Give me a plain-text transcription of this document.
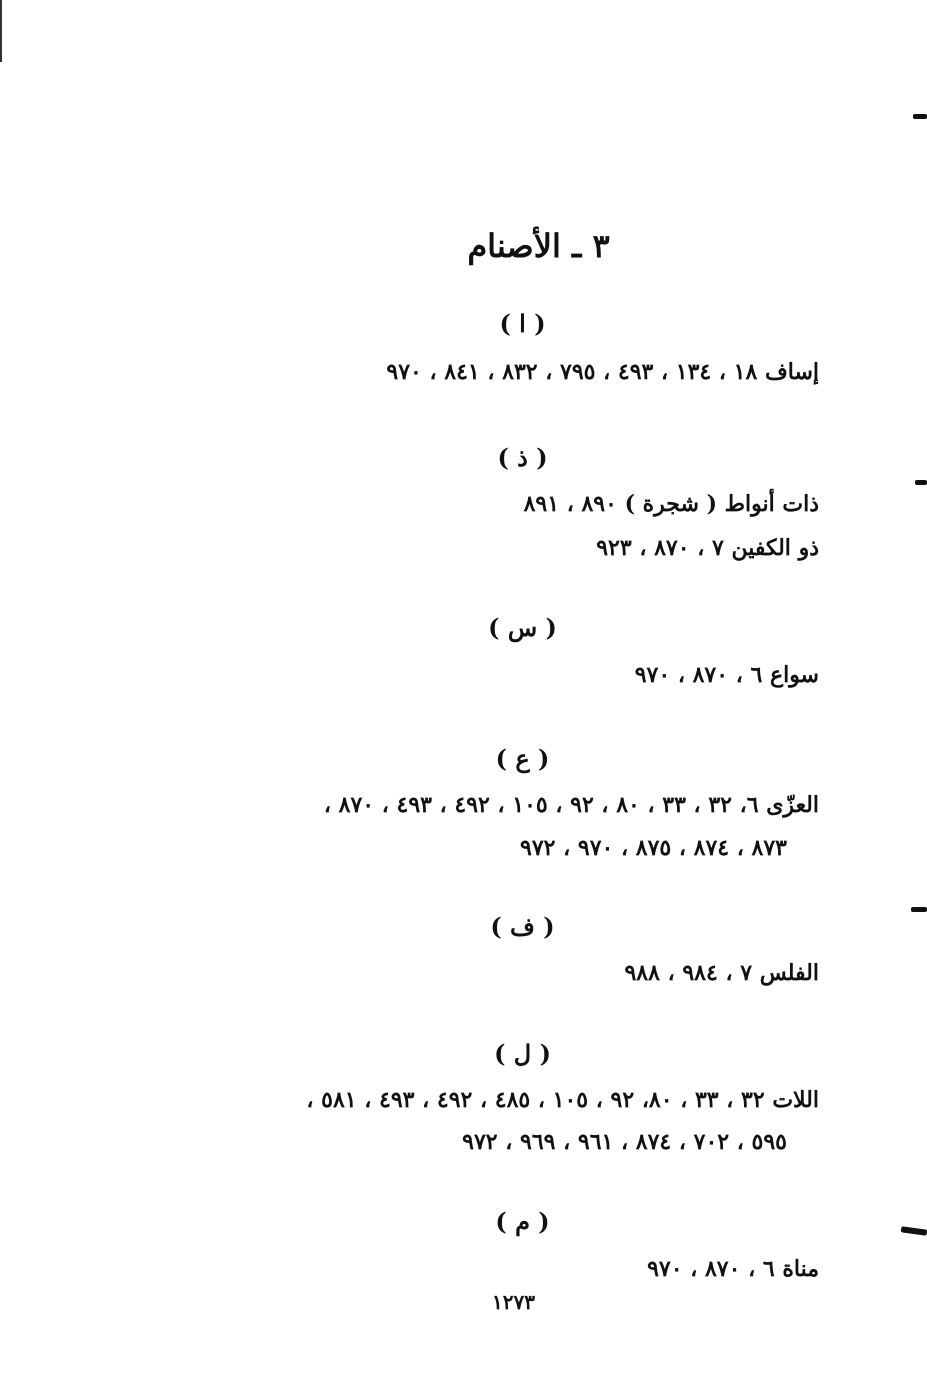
٣ ـ الأصنام
( ا )
إساف ١٨ ، ١٣٤ ، ٤٩٣ ، ٧٩٥ ، ٨٣٢ ، ٨٤١ ، ٩٧٠
( ذ )
ذات أنواط ( شجرة ) ٨٩٠ ، ٨٩١
ذو الكفين ٧ ، ٨٧٠ ، ٩٢٣
( س )
سواع ٦ ، ٨٧٠ ، ٩٧٠
( ع )
العزّى ٦، ٣٢ ، ٣٣ ، ٨٠ ، ٩٢ ، ١٠٥ ، ٤٩٢ ، ٤٩٣ ، ٨٧٠ ،
٨٧٣ ، ٨٧٤ ، ٨٧٥ ، ٩٧٠ ، ٩٧٢
( ف )
الفلس ٧ ، ٩٨٤ ، ٩٨٨
( ل )
اللات ٣٢ ، ٣٣ ، ٨٠، ٩٢ ، ١٠٥ ، ٤٨٥ ، ٤٩٢ ، ٤٩٣ ، ٥٨١ ،
٥٩٥ ، ٧٠٢ ، ٨٧٤ ، ٩٦١ ، ٩٦٩ ، ٩٧٢
( م )
مناة ٦ ، ٨٧٠ ، ٩٧٠
١٢٧٣
